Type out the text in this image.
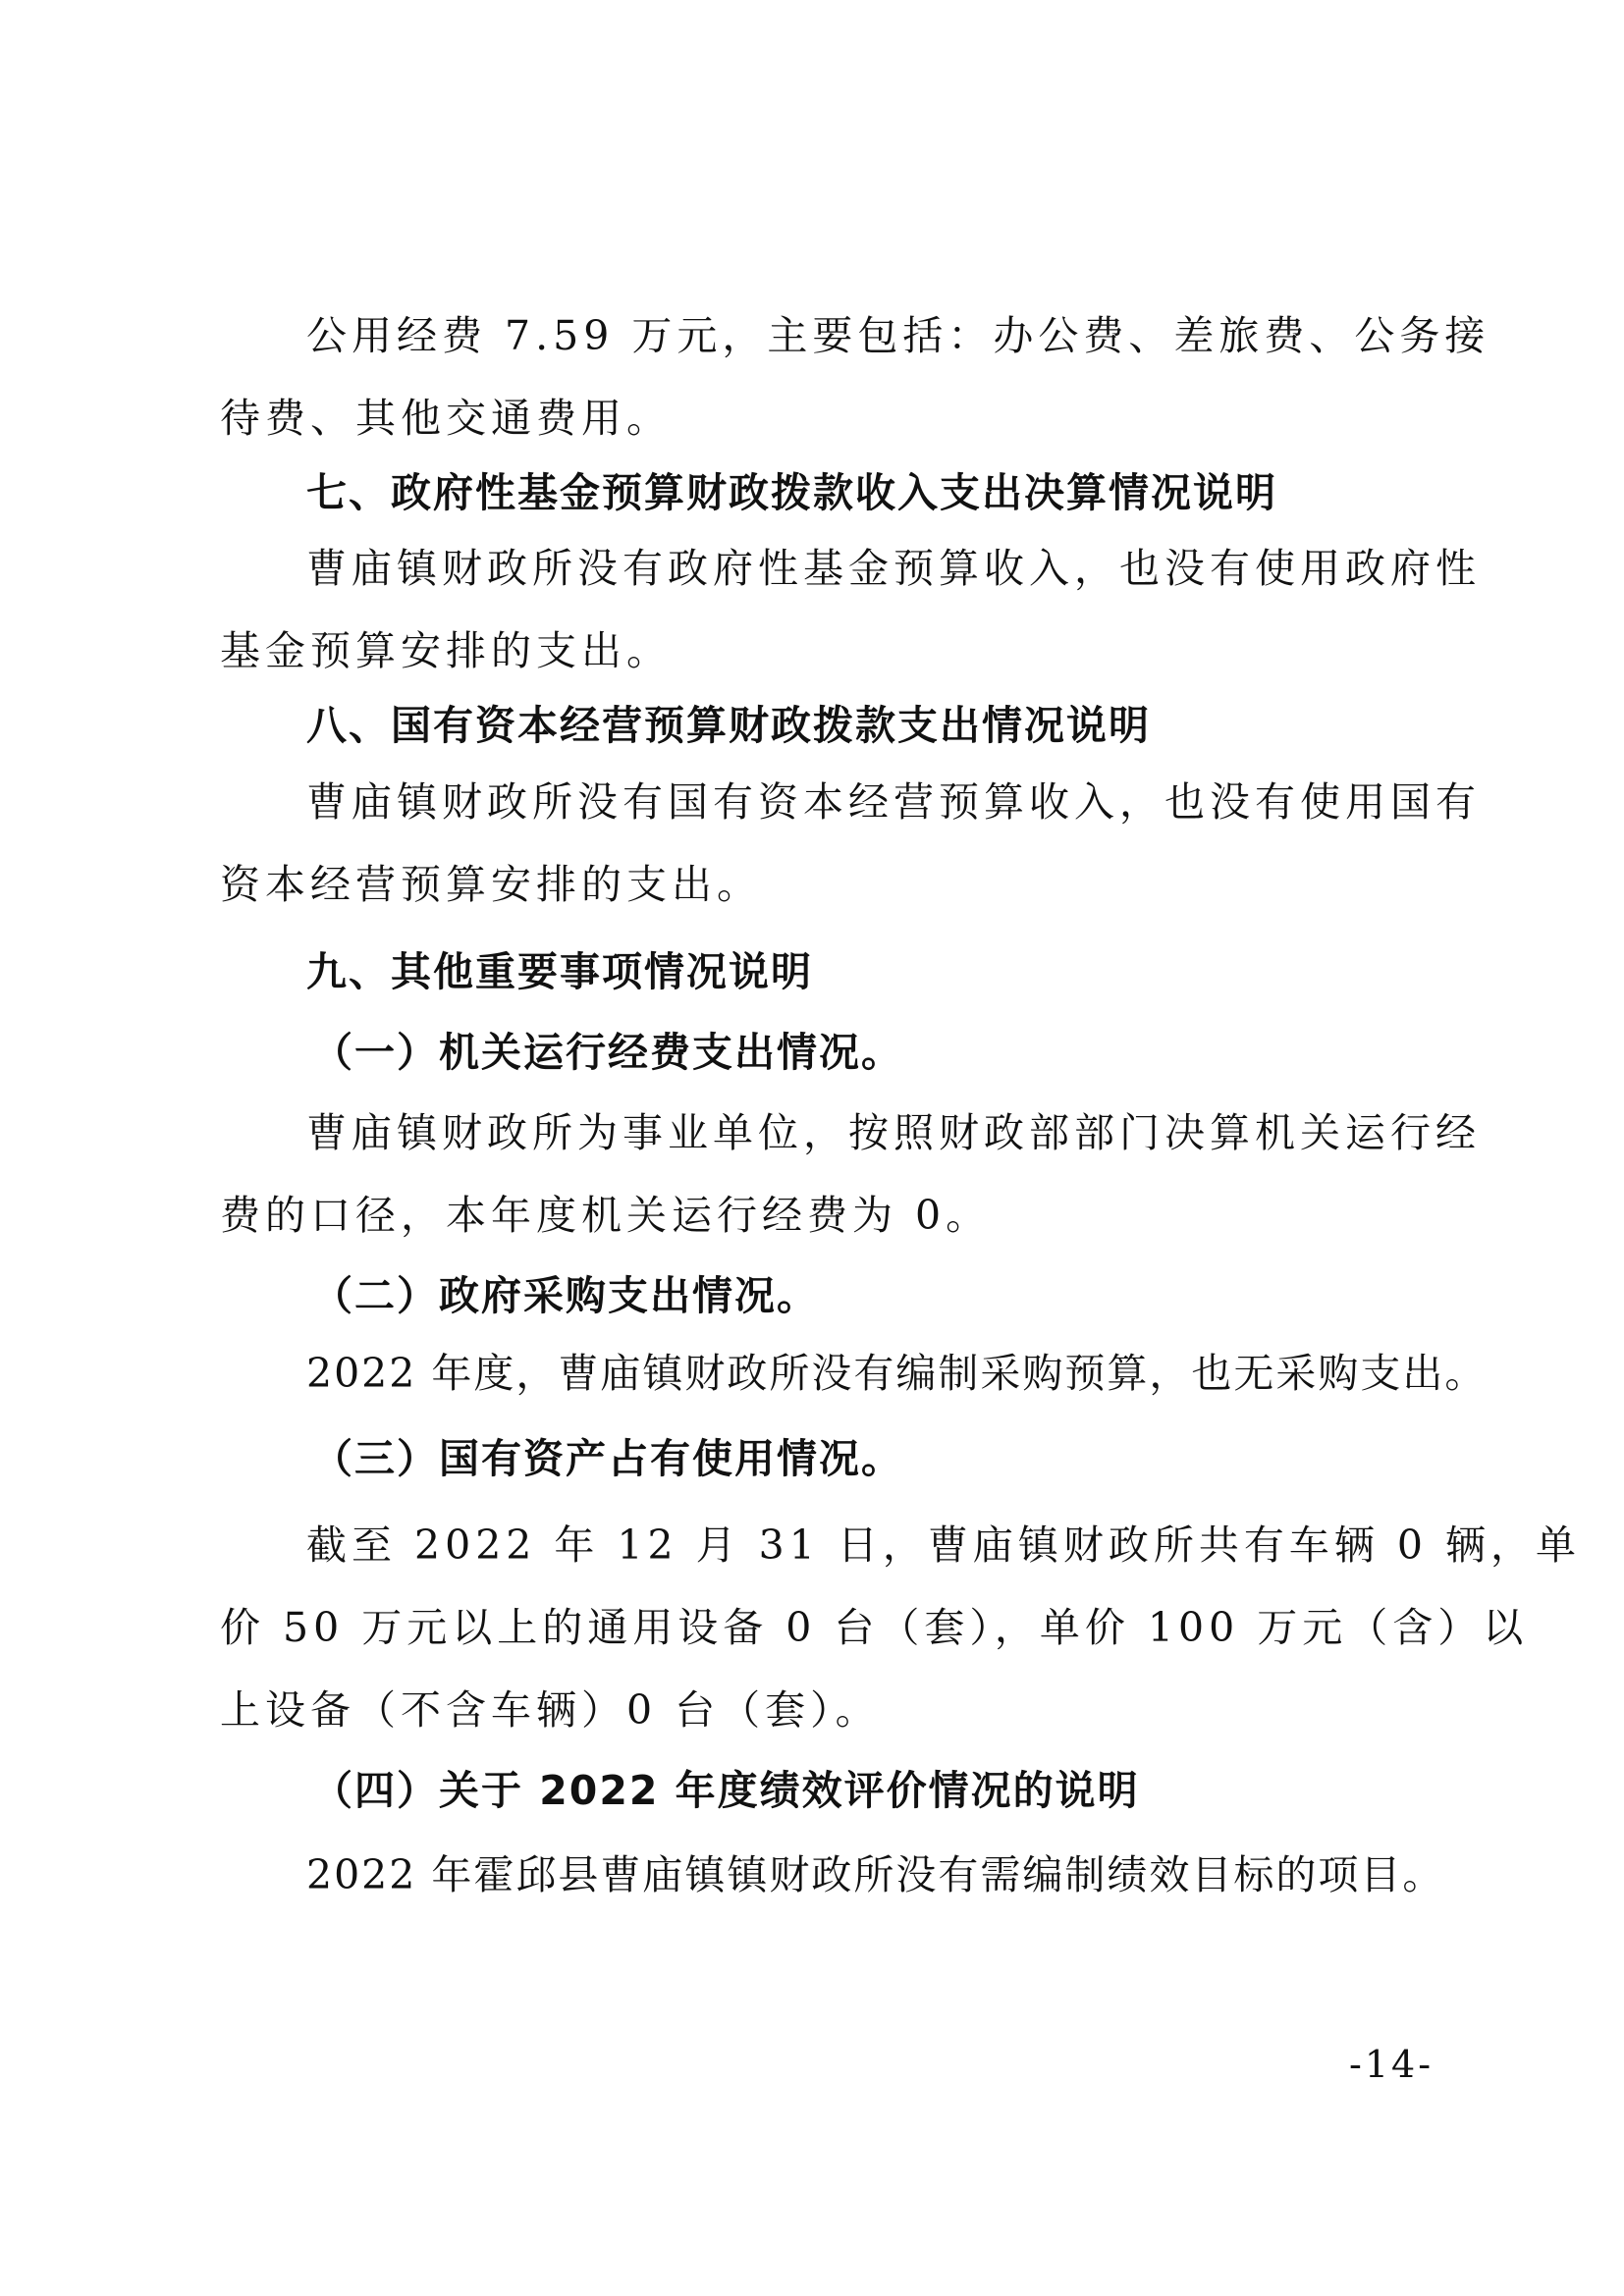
公用经费 7.59 万元，主要包括：办公费、差旅费、公务接
待费、其他交通费用。
七、政府性基金预算财政拨款收入支出决算情况说明
曹庙镇财政所没有政府性基金预算收入，也没有使用政府性
基金预算安排的支出。
八、国有资本经营预算财政拨款支出情况说明
曹庙镇财政所没有国有资本经营预算收入，也没有使用国有
资本经营预算安排的支出。
九、其他重要事项情况说明
（一）机关运行经费支出情况。
曹庙镇财政所为事业单位，按照财政部部门决算机关运行经
费的口径，本年度机关运行经费为 0。
（二）政府采购支出情况。
2022 年度，曹庙镇财政所没有编制采购预算，也无采购支出。
（三）国有资产占有使用情况。
截至 2022 年 12 月 31 日，曹庙镇财政所共有车辆 0 辆，单
价 50 万元以上的通用设备 0 台（套），单价 100 万元（含）以
上设备（不含车辆）0 台（套）。
（四）关于 2022 年度绩效评价情况的说明
2022 年霍邱县曹庙镇镇财政所没有需编制绩效目标的项目。
-14-
